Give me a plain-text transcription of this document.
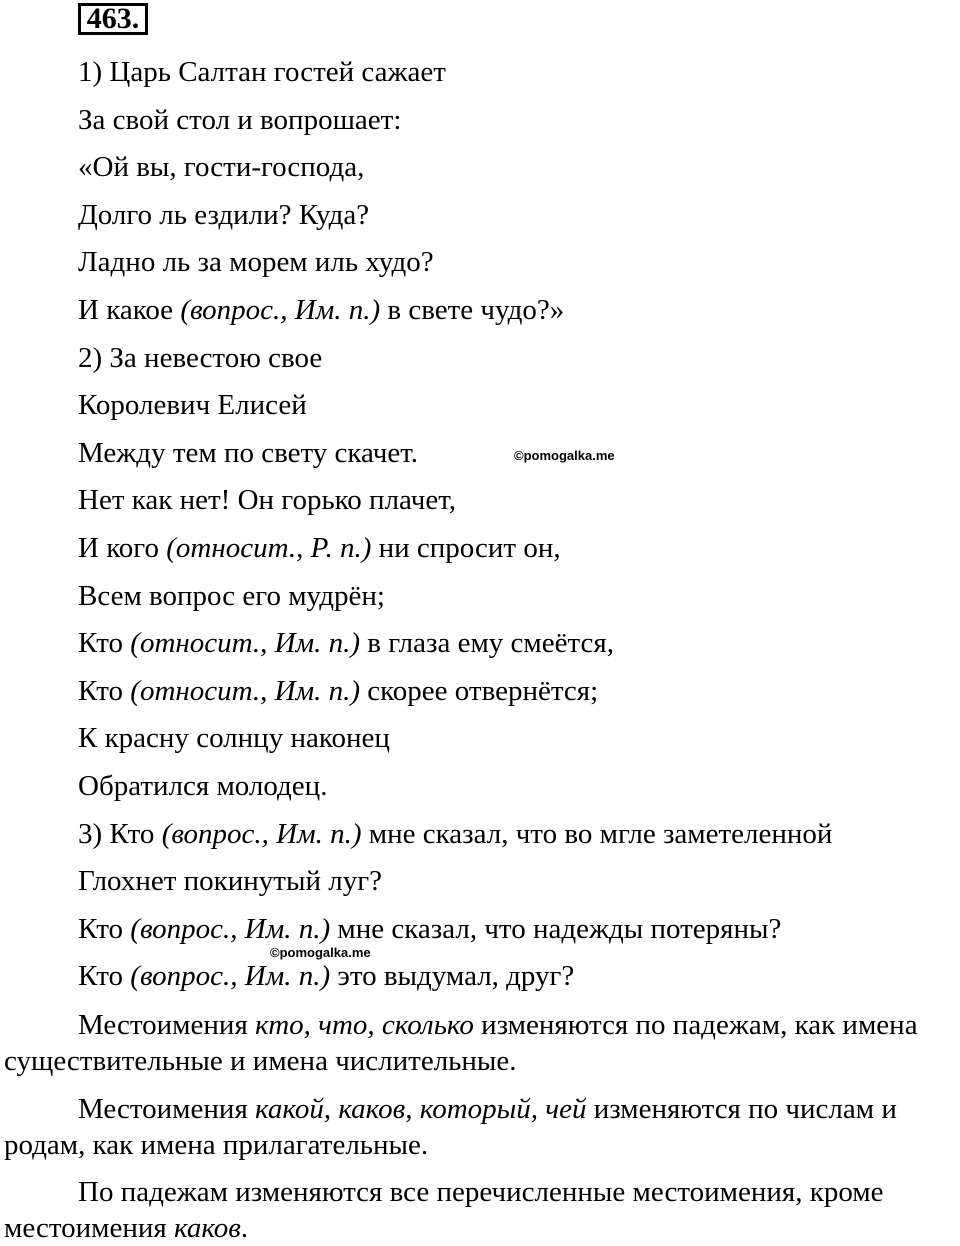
463.
1) Царь Салтан гостей сажает
За свой стол и вопрошает:
«Ой вы, гости-господа,
Долго ль ездили? Куда?
Ладно ль за морем иль худо?
И какое (вопрос., Им. п.) в свете чудо?»
2) За невестою свое
Королевич Елисей
Между тем по свету скачет.
Нет как нет! Он горько плачет,
И кого (относит., Р. п.) ни спросит он,
Всем вопрос его мудрён;
Кто (относит., Им. п.) в глаза ему смеётся,
Кто (относит., Им. п.) скорее отвернётся;
К красну солнцу наконец
Обратился молодец.
3) Кто (вопрос., Им. п.) мне сказал, что во мгле заметеленной
Глохнет покинутый луг?
Кто (вопрос., Им. п.) мне сказал, что надежды потеряны?
Кто (вопрос., Им. п.) это выдумал, друг?

Местоимения кто, что, сколько изменяются по падежам, как имена существительные и имена числительные.

Местоимения какой, каков, который, чей изменяются по числам и родам, как имена прилагательные.

По падежам изменяются все перечисленные местоимения, кроме местоимения каков.

©pomogalka.me
©pomogalka.me
